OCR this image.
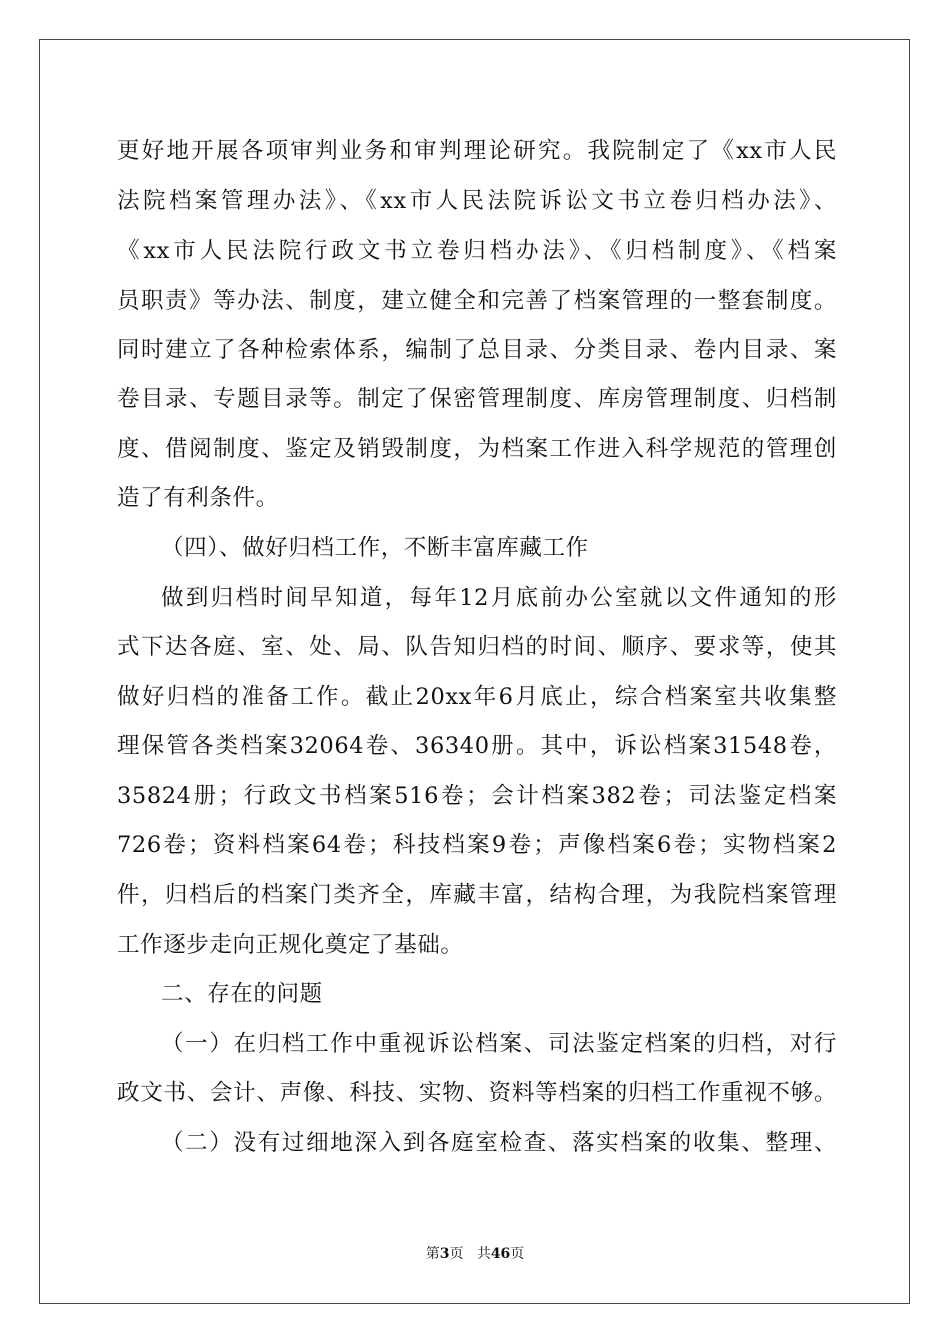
更好地开展各项审判业务和审判理论研究。我院制定了《xx市人民

法院档案管理办法》、《xx市人民法院诉讼文书立卷归档办法》、

《xx市人民法院行政文书立卷归档办法》、《归档制度》、《档案

员职责》等办法、制度，建立健全和完善了档案管理的一整套制度。

同时建立了各种检索体系，编制了总目录、分类目录、卷内目录、案

卷目录、专题目录等。制定了保密管理制度、库房管理制度、归档制

度、借阅制度、鉴定及销毁制度，为档案工作进入科学规范的管理创

造了有利条件。

（四）、做好归档工作，不断丰富库藏工作

做到归档时间早知道，每年12月底前办公室就以文件通知的形

式下达各庭、室、处、局、队告知归档的时间、顺序、要求等，使其

做好归档的准备工作。截止20xx年6月底止，综合档案室共收集整

理保管各类档案32064卷、36340册。其中，诉讼档案31548卷，

35824册；行政文书档案516卷；会计档案382卷；司法鉴定档案

726卷；资料档案64卷；科技档案9卷；声像档案6卷；实物档案2

件，归档后的档案门类齐全，库藏丰富，结构合理，为我院档案管理

工作逐步走向正规化奠定了基础。

二、存在的问题

（一）在归档工作中重视诉讼档案、司法鉴定档案的归档，对行

政文书、会计、声像、科技、实物、资料等档案的归档工作重视不够。

（二）没有过细地深入到各庭室检查、落实档案的收集、整理、

第3页 共46页
